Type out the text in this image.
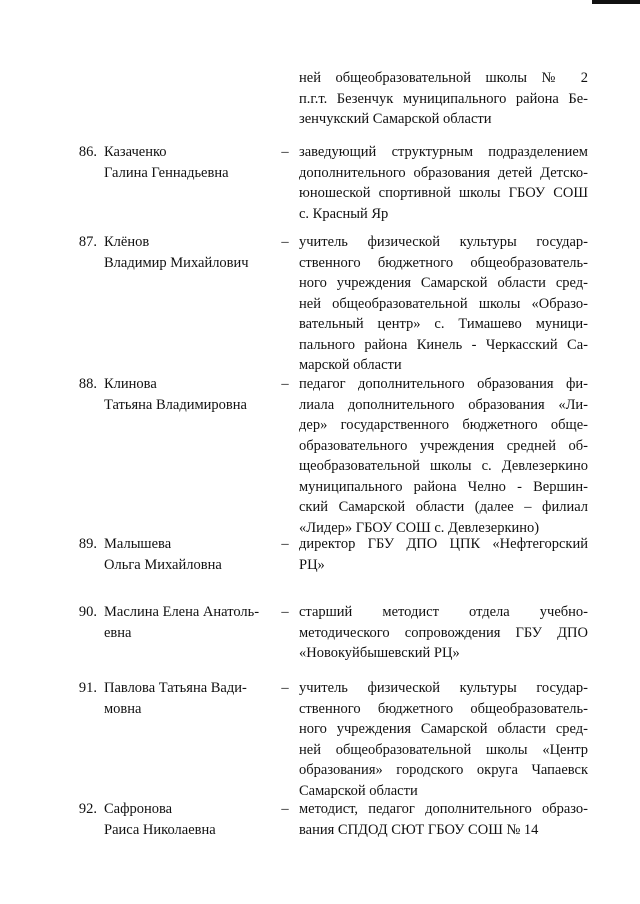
ней общеобразовательной школы № 2
п.г.т. Безенчук муниципального района Бе-
зенчукский Самарской области
86. Казаченко
Галина Геннадьевна
– заведующий структурным подразделением
дополнительного образования детей Детско-
юношеской спортивной школы ГБОУ СОШ
с. Красный Яр
87. Клёнов
Владимир Михайлович
– учитель физической культуры государ-
ственного бюджетного общеобразователь-
ного учреждения Самарской области сред-
ней общеобразовательной школы «Образо-
вательный центр» с. Тимашево муници-
пального района Кинель - Черкасский Са-
марской области
88. Клинова
Татьяна Владимировна
– педагог дополнительного образования фи-
лиала дополнительного образования «Ли-
дер» государственного бюджетного обще-
образовательного учреждения средней об-
щеобразовательной школы с. Девлезеркино
муниципального района Челно - Вершин-
ский Самарской области (далее – филиал
«Лидер» ГБОУ СОШ с. Девлезеркино)
89. Малышева
Ольга Михайловна
– директор ГБУ ДПО ЦПК «Нефтегорский
РЦ»
90. Маслина Елена Анатоль-
евна
– старший методист отдела учебно-
методического сопровождения ГБУ ДПО
«Новокуйбышевский РЦ»
91. Павлова Татьяна Вади-
мовна
– учитель физической культуры государ-
ственного бюджетного общеобразователь-
ного учреждения Самарской области сред-
ней общеобразовательной школы «Центр
образования» городского округа Чапаевск
Самарской области
92. Сафронова
Раиса Николаевна
– методист, педагог дополнительного образо-
вания СПДОД СЮТ ГБОУ СОШ № 14
